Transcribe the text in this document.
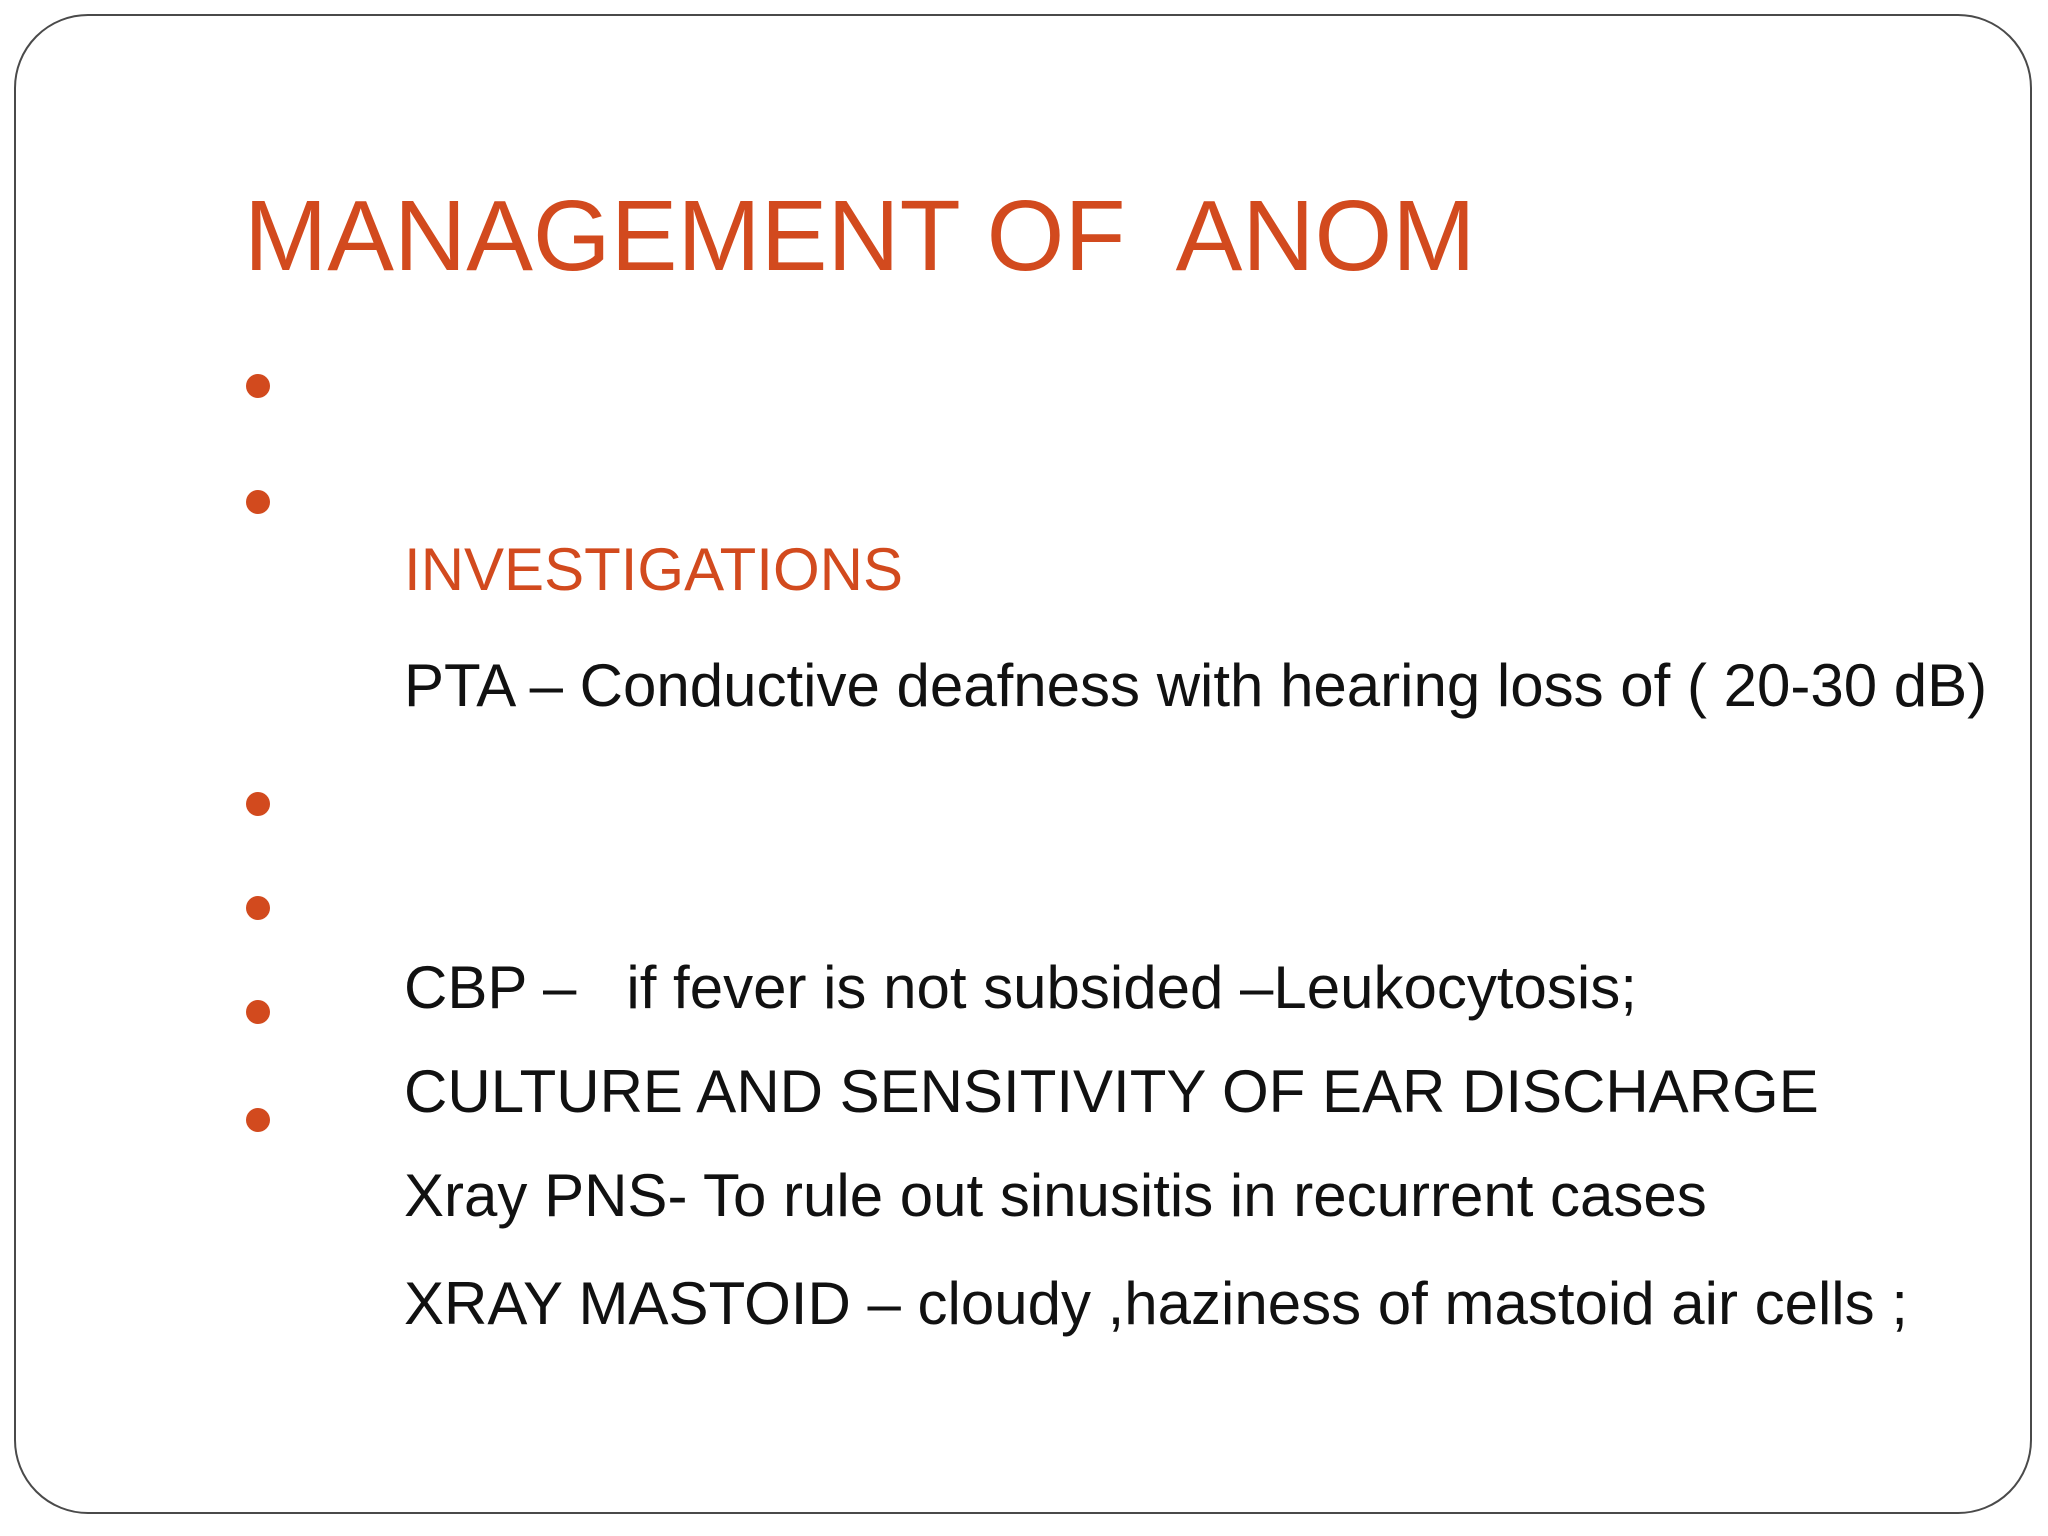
MANAGEMENT OF  ANOM

INVESTIGATIONS

PTA – Conductive deafness with hearing loss of ( 20-30 dB)

CBP –   if fever is not subsided –Leukocytosis;

CULTURE AND SENSITIVITY OF EAR DISCHARGE

Xray PNS- To rule out sinusitis in recurrent cases

XRAY MASTOID – cloudy ,haziness of mastoid air cells ;
